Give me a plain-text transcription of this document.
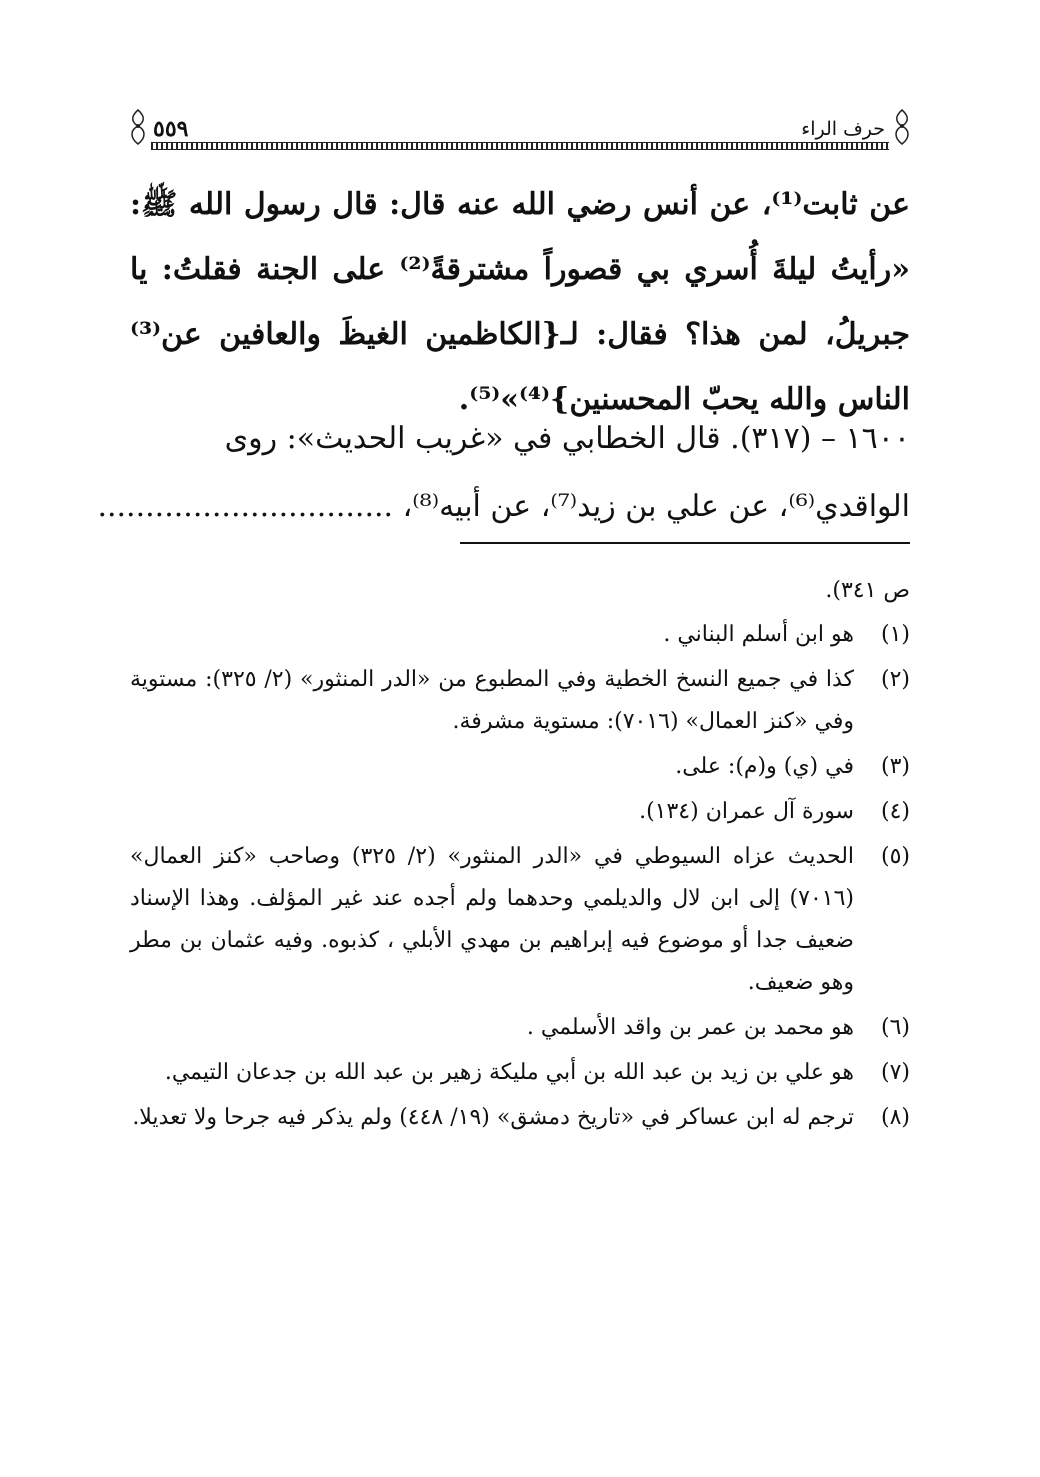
٥٥٩	حرف الراء

عن ثابت⁽¹⁾، عن أنس رضي الله عنه قال: قال رسول الله ﷺ: «رأيتُ ليلةَ أُسري بي قصوراً مشترقةً⁽²⁾ على الجنة فقلتُ: يا جبريلُ، لمن هذا؟ فقال: لـ{الكاظمين الغيظَ والعافين عن⁽³⁾ الناس والله يحبّ المحسنين}⁽⁴⁾»⁽⁵⁾.

١٦٠٠ – (٣١٧). قال الخطابي في «غريب الحديث»: روى
الواقدي⁽⁶⁾، عن علي بن زيد⁽⁷⁾، عن أبيه⁽⁸⁾، ...............................

ص ٣٤١).

(١)
هو ابن أسلم البناني .
(٢)
كذا في جميع النسخ الخطية وفي المطبوع من «الدر المنثور» (٢/ ٣٢٥): مستوية وفي «كنز العمال» (٧٠١٦): مستوية مشرفة.
(٣)
في (ي) و(م): على.
(٤)
سورة آل عمران (١٣٤).
(٥)
الحديث عزاه السيوطي في «الدر المنثور» (٢/ ٣٢٥) وصاحب «كنز العمال» (٧٠١٦) إلى ابن لال والديلمي وحدهما ولم أجده عند غير المؤلف. وهذا الإسناد ضعيف جدا أو موضوع فيه إبراهيم بن مهدي الأبلي ، كذبوه. وفيه عثمان بن مطر وهو ضعيف.
(٦)
هو محمد بن عمر بن واقد الأسلمي .
(٧)
هو علي بن زيد بن عبد الله بن أبي مليكة زهير بن عبد الله بن جدعان التيمي.
(٨)
ترجم له ابن عساكر في «تاريخ دمشق» (١٩/ ٤٤٨) ولم يذكر فيه جرحا ولا تعديلا.
